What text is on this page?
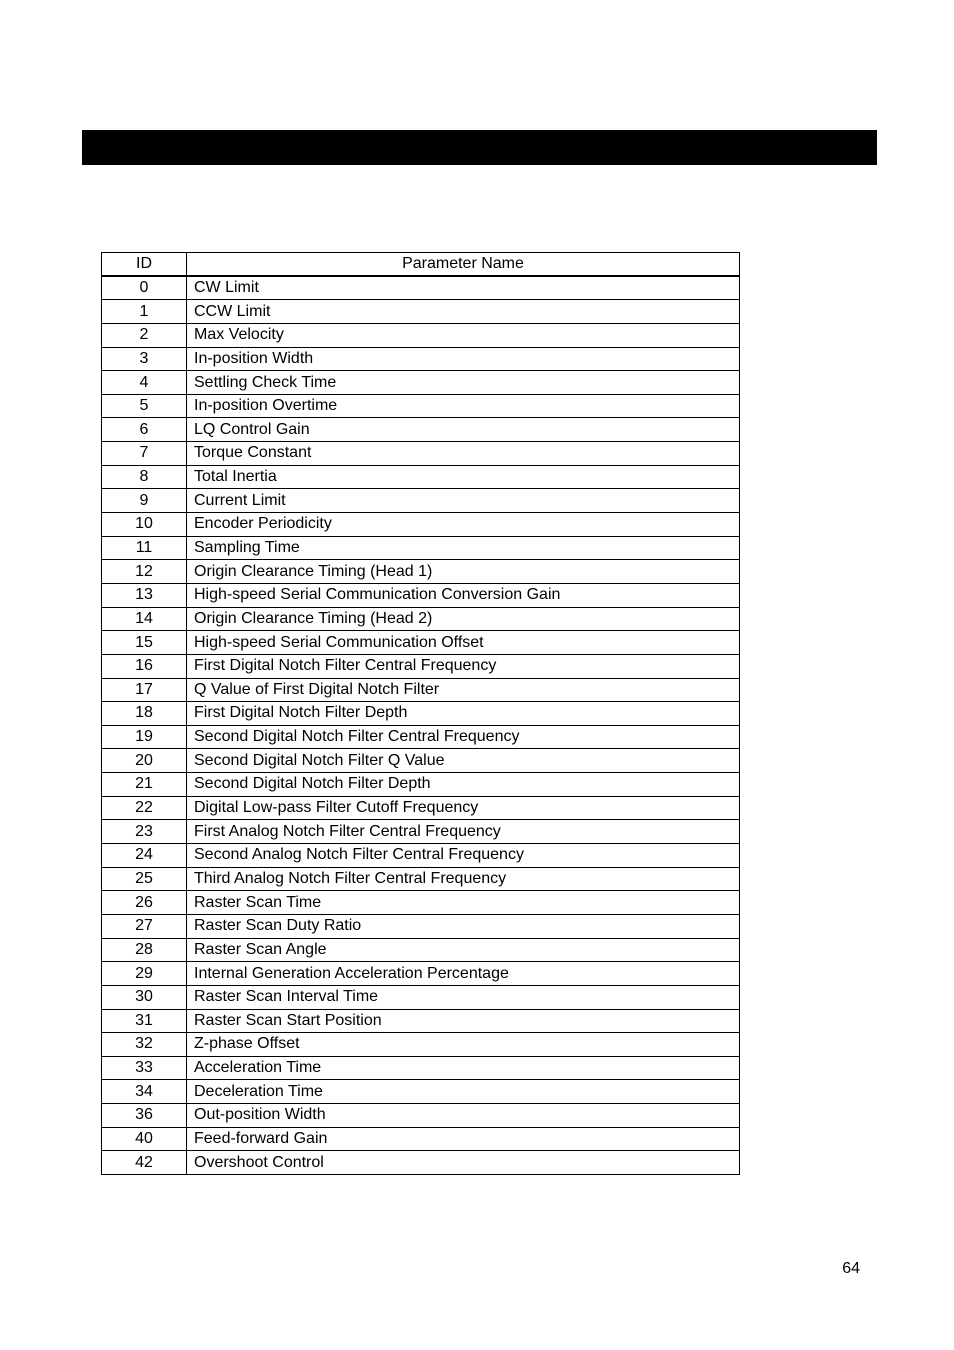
ID	Parameter Name
0	CW Limit
1	CCW Limit
2	Max Velocity
3	In-position Width
4	Settling Check Time
5	In-position Overtime
6	LQ Control Gain
7	Torque Constant
8	Total Inertia
9	Current Limit
10	Encoder Periodicity
11	Sampling Time
12	Origin Clearance Timing (Head 1)
13	High-speed Serial Communication Conversion Gain
14	Origin Clearance Timing (Head 2)
15	High-speed Serial Communication Offset
16	First Digital Notch Filter Central Frequency
17	Q Value of First Digital Notch Filter
18	First Digital Notch Filter Depth
19	Second Digital Notch Filter Central Frequency
20	Second Digital Notch Filter Q Value
21	Second Digital Notch Filter Depth
22	Digital Low-pass Filter Cutoff Frequency
23	First Analog Notch Filter Central Frequency
24	Second Analog Notch Filter Central Frequency
25	Third Analog Notch Filter Central Frequency
26	Raster Scan Time
27	Raster Scan Duty Ratio
28	Raster Scan Angle
29	Internal Generation Acceleration Percentage
30	Raster Scan Interval Time
31	Raster Scan Start Position
32	Z-phase Offset
33	Acceleration Time
34	Deceleration Time
36	Out-position Width
40	Feed-forward Gain
42	Overshoot Control
64
